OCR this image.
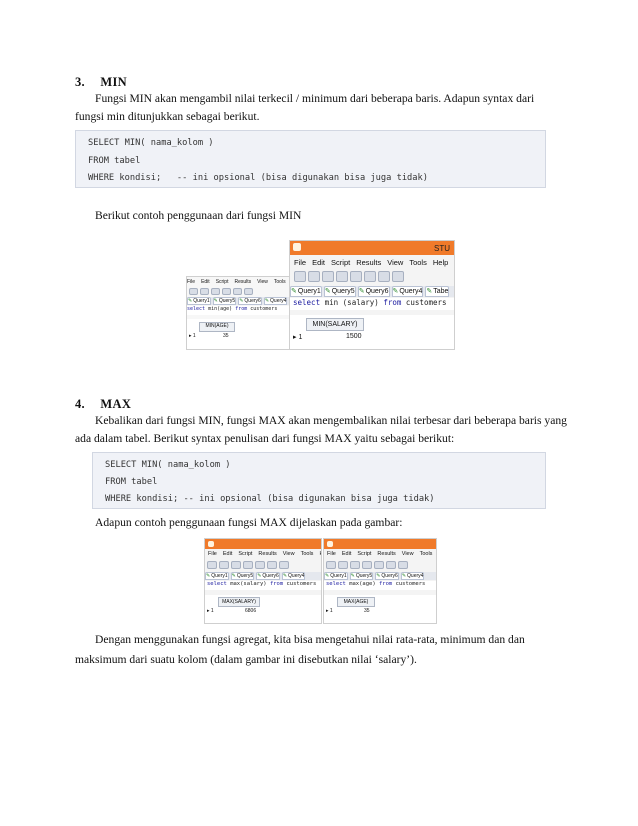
3. MIN
Fungsi MIN akan mengambil nilai terkecil / minimum dari beberapa baris. Adapun syntax dari
fungsi min ditunjukkan sebagai berikut.
SELECT MIN( nama_kolom )
FROM tabel
WHERE kondisi;   -- ini opsional (bisa digunakan bisa juga tidak)
Berikut contoh penggunaan dari fungsi MIN
File Edit Script Results View Tools
✎ Query1	✎ Query5	✎ Query6	✎ Query4
select min(age) from customers
MIN(AGE)
▸ 1	35
STU
File Edit Script Results View Tools Help
✎ Query1	✎ Query5	✎ Query6	✎ Query4	✎ Tabe
select min (salary) from customers
MIN(SALARY)
▸ 1	1500
4. MAX
Kebalikan dari fungsi MIN, fungsi MAX akan mengembalikan nilai terbesar dari beberapa baris yang
ada dalam tabel. Berikut syntax penulisan dari fungsi MAX yaitu sebagai berikut:
SELECT MIN( nama_kolom )
FROM tabel
WHERE kondisi; -- ini opsional (bisa digunakan bisa juga tidak)
Adapun contoh penggunaan fungsi MAX dijelaskan pada gambar:
File Edit Script Results View Tools
✎ Query1	✎ Query5	✎ Query6	✎ Query4
select max(salary) from customers
MAX(SALARY)
▸ 1	6806
File Edit Script Results View Tools
✎ Query1	✎ Query5	✎ Query6	✎ Query4
select max(age) from customers
MAX(AGE)
▸ 1	35
Dengan menggunakan fungsi agregat, kita bisa mengetahui nilai rata-rata, minimum dan dan
maksimum dari suatu kolom (dalam gambar ini disebutkan nilai ‘salary’).
